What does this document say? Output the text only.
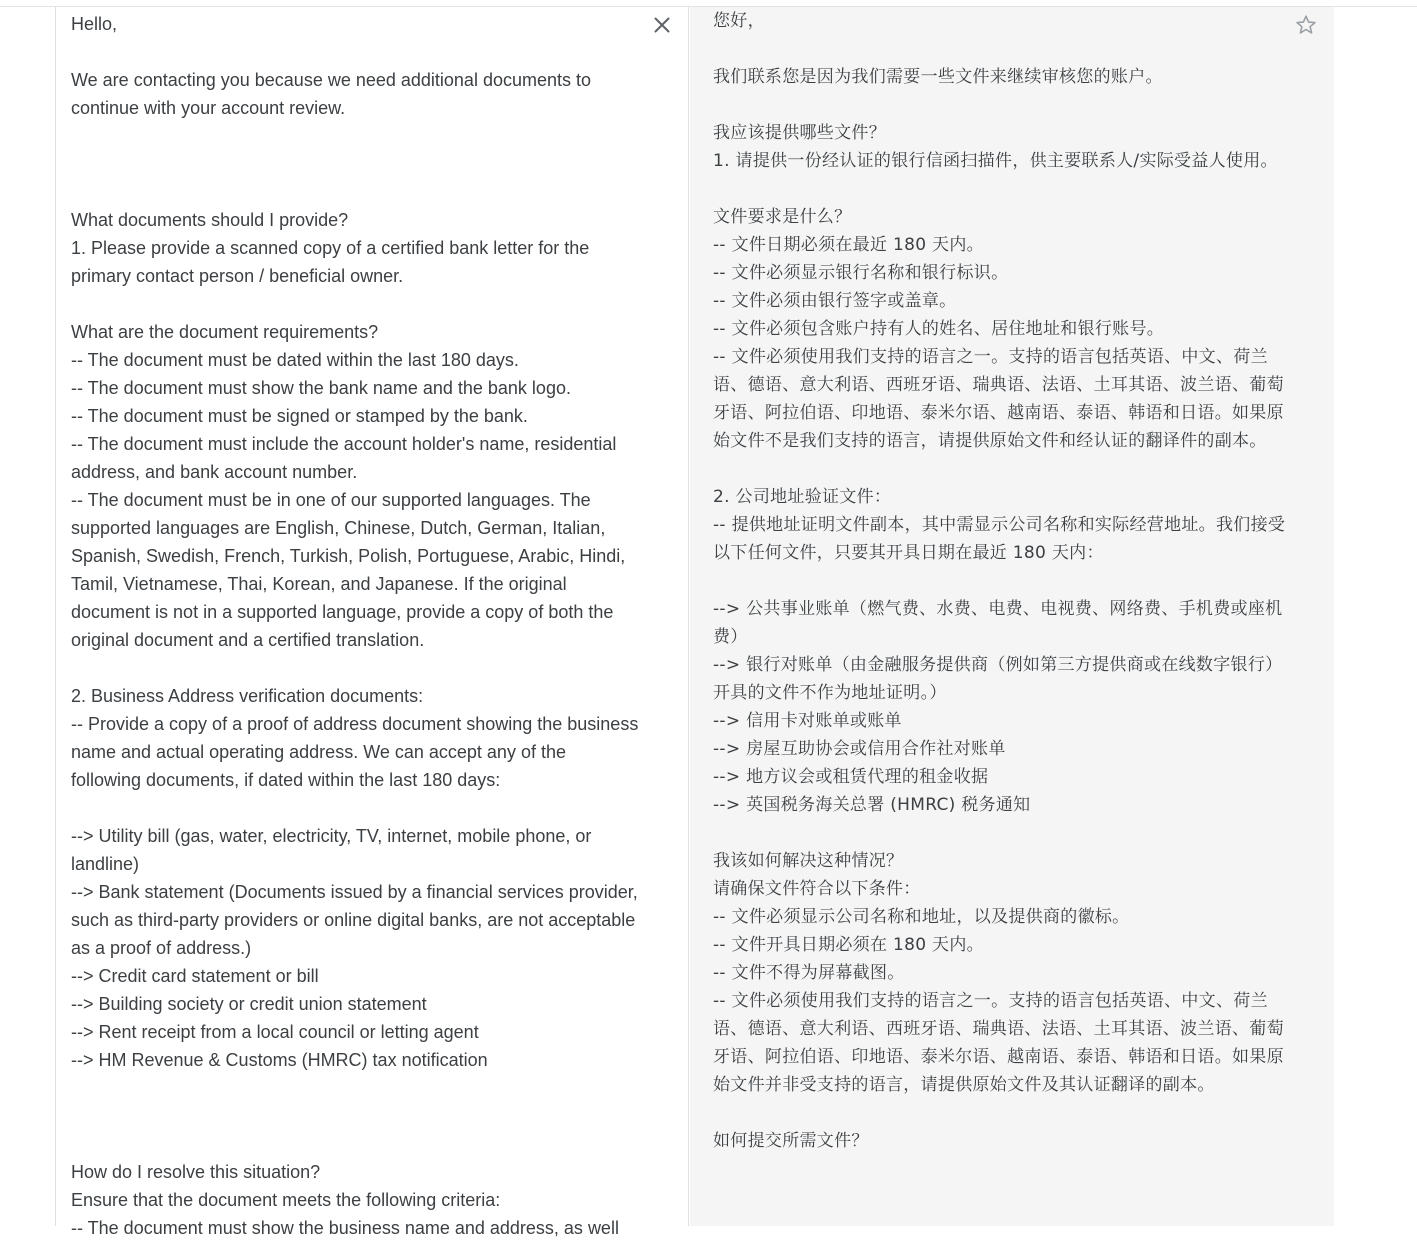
Hello,

We are contacting you because we need additional documents to continue with your account review.

What documents should I provide?
1. Please provide a scanned copy of a certified bank letter for the primary contact person / beneficial owner.

What are the document requirements?
-- The document must be dated within the last 180 days.
-- The document must show the bank name and the bank logo.
-- The document must be signed or stamped by the bank.
-- The document must include the account holder's name, residential address, and bank account number.
-- The document must be in one of our supported languages. The supported languages are English, Chinese, Dutch, German, Italian, Spanish, Swedish, French, Turkish, Polish, Portuguese, Arabic, Hindi, Tamil, Vietnamese, Thai, Korean, and Japanese. If the original document is not in a supported language, provide a copy of both the original document and a certified translation.

2. Business Address verification documents:
-- Provide a copy of a proof of address document showing the business name and actual operating address. We can accept any of the following documents, if dated within the last 180 days:

--> Utility bill (gas, water, electricity, TV, internet, mobile phone, or landline)
--> Bank statement (Documents issued by a financial services provider, such as third-party providers or online digital banks, are not acceptable as a proof of address.)
--> Credit card statement or bill
--> Building society or credit union statement
--> Rent receipt from a local council or letting agent
--> HM Revenue & Customs (HMRC) tax notification

How do I resolve this situation?
Ensure that the document meets the following criteria:
-- The document must show the business name and address, as well
您好，

我们联系您是因为我们需要一些文件来继续审核您的账户。

我应该提供哪些文件？
1. 请提供一份经认证的银行信函扫描件，供主要联系人/实际受益人使用。

文件要求是什么？
-- 文件日期必须在最近 180 天内。
-- 文件必须显示银行名称和银行标识。
-- 文件必须由银行签字或盖章。
-- 文件必须包含账户持有人的姓名、居住地址和银行账号。
-- 文件必须使用我们支持的语言之一。支持的语言包括英语、中文、荷兰语、德语、意大利语、西班牙语、瑞典语、法语、土耳其语、波兰语、葡萄牙语、阿拉伯语、印地语、泰米尔语、越南语、泰语、韩语和日语。如果原始文件不是我们支持的语言，请提供原始文件和经认证的翻译件的副本。

2. 公司地址验证文件：
-- 提供地址证明文件副本，其中需显示公司名称和实际经营地址。我们接受以下任何文件，只要其开具日期在最近 180 天内：

--> 公共事业账单（燃气费、水费、电费、电视费、网络费、手机费或座机费）
--> 银行对账单（由金融服务提供商（例如第三方提供商或在线数字银行）开具的文件不作为地址证明。）
--> 信用卡对账单或账单
--> 房屋互助协会或信用合作社对账单
--> 地方议会或租赁代理的租金收据
--> 英国税务海关总署 (HMRC) 税务通知

我该如何解决这种情况？
请确保文件符合以下条件：
-- 文件必须显示公司名称和地址，以及提供商的徽标。
-- 文件开具日期必须在 180 天内。
-- 文件不得为屏幕截图。
-- 文件必须使用我们支持的语言之一。支持的语言包括英语、中文、荷兰语、德语、意大利语、西班牙语、瑞典语、法语、土耳其语、波兰语、葡萄牙语、阿拉伯语、印地语、泰米尔语、越南语、泰语、韩语和日语。如果原始文件并非受支持的语言，请提供原始文件及其认证翻译的副本。

如何提交所需文件？
